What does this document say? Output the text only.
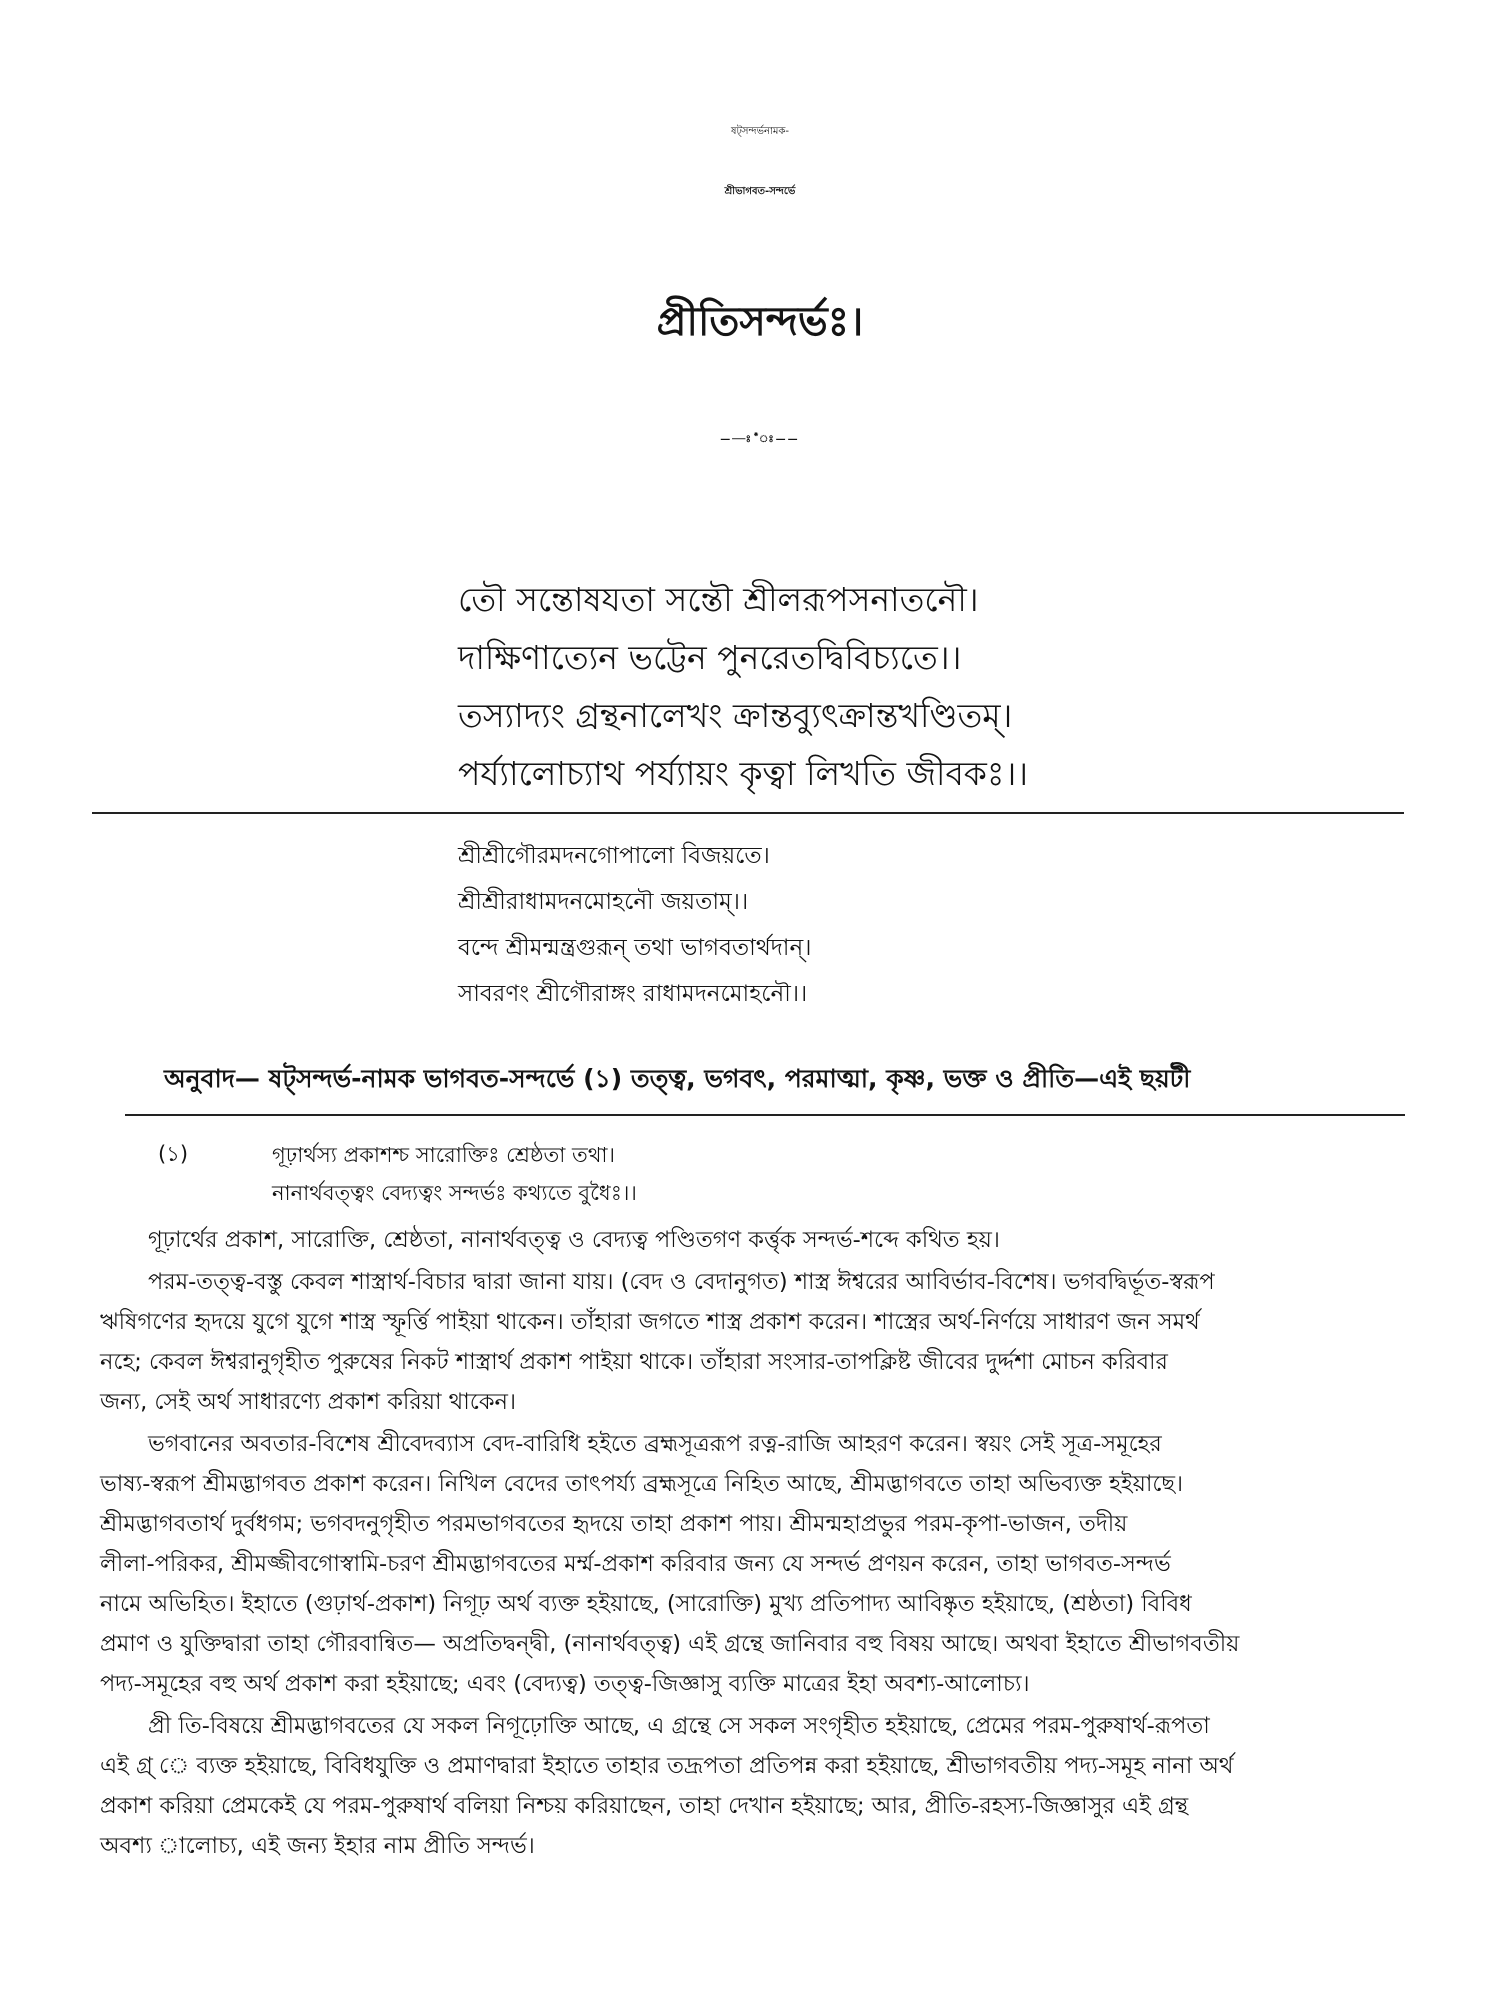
ষট্সন্দর্ভনামক-
শ্রীভাগবত-সন্দর্ভে
প্রীতিসন্দর্ভঃ।
——ঃ*ঃ——
তৌ সন্তোষযতা সন্তৌ শ্রীলরূপসনাতনৌ।
দাক্ষিণাত্যেন ভট্টেন পুনরেতদ্বিবিচ্যতে।।
তস্যাদ্যং গ্রন্থনালেখং ক্রান্তব্যুৎক্রান্তখণ্ডিতম্।
পর্য্যালোচ্যাথ পর্য্যায়ং কৃত্বা লিখতি জীবকঃ।।
শ্রীশ্রীগৌরমদনগোপালো বিজয়তে।
শ্রীশ্রীরাধামদনমোহনৌ জয়তাম্।।
বন্দে শ্রীমন্মন্ত্রগুরূন্ তথা ভাগবতার্থদান্।
সাবরণং শ্রীগৌরাঙ্গং রাধামদনমোহনৌ।।
অনুবাদ— ষট্সন্দর্ভ-নামক ভাগবত-সন্দর্ভে (১) তত্ত্ব, ভগবৎ, পরমাত্মা, কৃষ্ণ, ভক্ত ও প্রীতি—এই ছয়টী
(১)	গূঢ়ার্থস্য প্রকাশশ্চ সারোক্তিঃ শ্রেষ্ঠতা তথা।
নানার্থবত্ত্বং বেদ্যত্বং সন্দর্ভঃ কথ্যতে বুধৈঃ।।
গূঢ়ার্থের প্রকাশ, সারোক্তি, শ্রেষ্ঠতা, নানার্থবত্ত্ব ও বেদ্যত্ব পণ্ডিতগণ কর্ত্তৃক সন্দর্ভ-শব্দে কথিত হয়।
পরম-তত্ত্ব-বস্তু কেবল শাস্ত্রার্থ-বিচার দ্বারা জানা যায়। (বেদ ও বেদানুগত) শাস্ত্র ঈশ্বরের আবির্ভাব-বিশেষ। ভগবদ্বির্ভূত-স্বরূপ
ঋষিগণের হৃদয়ে যুগে যুগে শাস্ত্র স্ফূর্ত্তি পাইয়া থাকেন। তাঁহারা জগতে শাস্ত্র প্রকাশ করেন। শাস্ত্রের অর্থ-নির্ণয়ে সাধারণ জন সমর্থ
নহে; কেবল ঈশ্বরানুগৃহীত পুরুষের নিকট শাস্ত্রার্থ প্রকাশ পাইয়া থাকে। তাঁহারা সংসার-তাপক্লিষ্ট জীবের দুর্দ্দশা মোচন করিবার
জন্য, সেই অর্থ সাধারণ্যে প্রকাশ করিয়া থাকেন।
ভগবানের অবতার-বিশেষ শ্রীবেদব্যাস বেদ-বারিধি হইতে ব্রহ্মসূত্ররূপ রত্ন-রাজি আহরণ করেন। স্বয়ং সেই সূত্র-সমূহের
ভাষ্য-স্বরূপ শ্রীমদ্ভাগবত প্রকাশ করেন। নিখিল বেদের তাৎপর্য্য ব্রহ্মসূত্রে নিহিত আছে, শ্রীমদ্ভাগবতে তাহা অভিব্যক্ত হইয়াছে।
শ্রীমদ্ভাগবতার্থ দুর্বধগম; ভগবদনুগৃহীত পরমভাগবতের হৃদয়ে তাহা প্রকাশ পায়। শ্রীমন্মহাপ্রভুর পরম-কৃপা-ভাজন, তদীয়
লীলা-পরিকর, শ্রীমজ্জীবগোস্বামি-চরণ শ্রীমদ্ভাগবতের মর্ম্ম-প্রকাশ করিবার জন্য যে সন্দর্ভ প্রণয়ন করেন, তাহা ভাগবত-সন্দর্ভ
নামে অভিহিত। ইহাতে (গুঢ়ার্থ-প্রকাশ) নিগূঢ় অর্থ ব্যক্ত হইয়াছে, (সারোক্তি) মুখ্য প্রতিপাদ্য আবিষ্কৃত হইয়াছে, (শ্রষ্ঠতা) বিবিধ
প্রমাণ ও যুক্তিদ্বারা তাহা গৌরবান্বিত— অপ্রতিদ্বন্দ্বী, (নানার্থবত্ত্ব) এই গ্রন্থে জানিবার বহু বিষয় আছে। অথবা ইহাতে শ্রীভাগবতীয়
পদ্য-সমূহের বহু অর্থ প্রকাশ করা হইয়াছে; এবং (বেদ্যত্ব) তত্ত্ব-জিজ্ঞাসু ব্যক্তি মাত্রের ইহা অবশ্য-আলোচ্য।
প্রী তি-বিষয়ে শ্রীমদ্ভাগবতের যে সকল নিগূঢ়োক্তি আছে, এ গ্রন্থে সে সকল সংগৃহীত হইয়াছে, প্রেমের পরম-পুরুষার্থ-রূপতা
এই গ্র্ ে ব্যক্ত হইয়াছে, বিবিধযুক্তি ও প্রমাণদ্বারা ইহাতে তাহার তদ্রূপতা প্রতিপন্ন করা হইয়াছে, শ্রীভাগবতীয় পদ্য-সমূহ নানা অর্থ
প্রকাশ করিয়া প্রেমকেই যে পরম-পুরুষার্থ বলিয়া নিশ্চয় করিয়াছেন, তাহা দেখান হইয়াছে; আর, প্রীতি-রহস্য-জিজ্ঞাসুর এই গ্রন্থ
অবশ্য ালোচ্য, এই জন্য ইহার নাম প্রীতি সন্দর্ভ।
